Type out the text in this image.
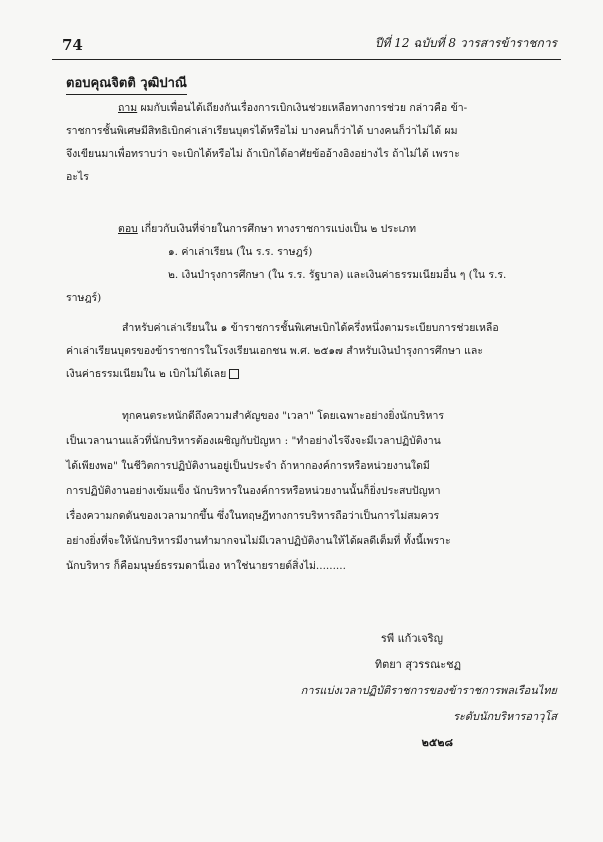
74	ปีที่ 12 ฉบับที่ 8 วารสารข้าราชการ
ตอบคุณจิตติ วุฒิปาณี
ถาม ผมกับเพื่อนได้เถียงกันเรื่องการเบิกเงินช่วยเหลือทางการช่วย กล่าวคือ ข้า-
ราชการชั้นพิเศษมีสิทธิเบิกค่าเล่าเรียนบุตรได้หรือไม่ บางคนก็ว่าได้ บางคนก็ว่าไม่ได้ ผม
จึงเขียนมาเพื่อทราบว่า จะเบิกได้หรือไม่ ถ้าเบิกได้อาศัยข้ออ้างอิงอย่างไร ถ้าไม่ได้ เพราะ
อะไร
ตอบ เกี่ยวกับเงินที่จ่ายในการศึกษา ทางราชการแบ่งเป็น ๒ ประเภท
๑. ค่าเล่าเรียน (ใน ร.ร. ราษฎร์)
๒. เงินบำรุงการศึกษา (ใน ร.ร. รัฐบาล) และเงินค่าธรรมเนียมอื่น ๆ (ใน ร.ร.
ราษฎร์)
สำหรับค่าเล่าเรียนใน ๑ ข้าราชการชั้นพิเศษเบิกได้ครึ่งหนึ่งตามระเบียบการช่วยเหลือ
ค่าเล่าเรียนบุตรของข้าราชการในโรงเรียนเอกชน พ.ศ. ๒๕๑๗ สำหรับเงินบำรุงการศึกษา และ
เงินค่าธรรมเนียมใน ๒ เบิกไม่ได้เลย
ทุกคนตระหนักดีถึงความสำคัญของ "เวลา" โดยเฉพาะอย่างยิ่งนักบริหาร
เป็นเวลานานแล้วที่นักบริหารต้องเผชิญกับปัญหา : "ทำอย่างไรจึงจะมีเวลาปฏิบัติงาน
ได้เพียงพอ" ในชีวิตการปฏิบัติงานอยู่เป็นประจำ ถ้าหากองค์การหรือหน่วยงานใดมี
การปฏิบัติงานอย่างเข้มแข็ง นักบริหารในองค์การหรือหน่วยงานนั้นก็ยิ่งประสบปัญหา
เรื่องความกดดันของเวลามากขึ้น ซึ่งในทฤษฎีทางการบริหารถือว่าเป็นการไม่สมควร
อย่างยิ่งที่จะให้นักบริหารมีงานทำมากจนไม่มีเวลาปฏิบัติงานให้ได้ผลดีเต็มที่ ทั้งนี้เพราะ
นักบริหาร ก็คือมนุษย์ธรรมดานี่เอง หาใช่นายรายด์สิ่งไม่.........
รพี แก้วเจริญ
ทิตยา สุวรรณะชฏ
การแบ่งเวลาปฏิบัติราชการของข้าราชการพลเรือนไทย
ระดับนักบริหารอาวุโส
๒๕๒๘
